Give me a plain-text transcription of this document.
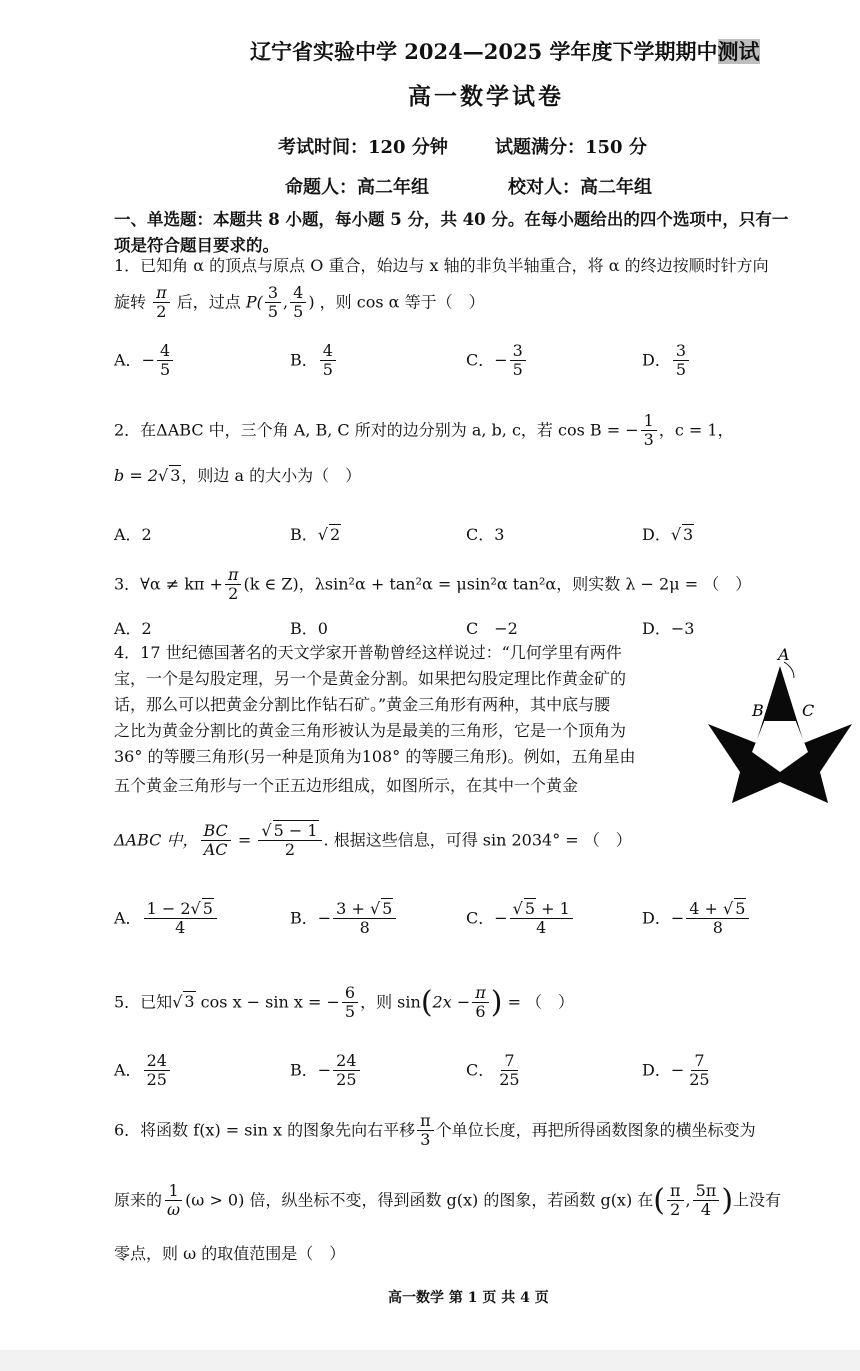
辽宁省实验中学 2024—2025 学年度下学期期中测试
高一数学试卷
考试时间：120 分钟	试题满分：150 分
命题人：高二年组	校对人：高二年组
一、单选题：本题共 8 小题，每小题 5 分，共 40 分。在每小题给出的四个选项中，只有一
项是符合题目要求的。
1．已知角 α 的顶点与原点 O 重合，始边与 x 轴的非负半轴重合，将 α 的终边按顺时针方向
旋转 $\frac{\pi}{2}$ 后，过点 $P( \frac{3}{5}$ , $\frac{4}{5}$ ) ，则 cos α 等于（　）
A．− $\frac{4}{5}$	B． $\frac{4}{5}$	C．− $\frac{3}{5}$	D． $\frac{3}{5}$
2．在ΔABC 中，三个角 A, B, C 所对的边分别为 a, b, c，若 cos B = − $\frac{1}{3}$ ，c = 1，
b = 2√ 3，则边 a 的大小为（　）
A．2	B．√ 2	C．3	D．√ 3
3．∀α ≠ $k\pi + \frac{\pi}{2} (k$ ∈ Z)，λsin²α + tan²α = μsin²α tan²α，则实数 λ − 2μ = （　）
A．2	B．0	C　−2	D．−3
4．17 世纪德国著名的天文学家开普勒曾经这样说过：“几何学里有两件
宝，一个是勾股定理，另一个是黄金分割。如果把勾股定理比作黄金矿的
话，那么可以把黄金分割比作钻石矿。”黄金三角形有两种，其中底与腰
之比为黄金分割比的黄金三角形被认为是最美的三角形，它是一个顶角为
36° 的等腰三角形(另一种是顶角为108° 的等腰三角形)。例如，五角星由
五个黄金三角形与一个正五边形组成，如图所示，在其中一个黄金
A
B C
ΔABC 中， $\frac{BC}{AC} = \frac{√ 5 - 1}{2}$ . 根据这些信息，可得 sin 2034° = （　）
A． $\frac{1 - 2√ 5}{4}$	B．− $\frac{3 + √ 5}{8}$	C．− $\frac{√ 5 + 1}{4}$	D．− $\frac{4 + √ 5}{8}$
5．已知√ 3 cos x − sin x = − $\frac{6}{5}$ ，则 $\sin(2x - \frac{\pi}{6}$ ) = （　）
A． $\frac{24}{25}$	B．− $\frac{24}{25}$	C． $\frac{7}{25}$	D．− $\frac{7}{25}$
6．将函数 f(x) = sin x 的图象先向右平移 $\frac{\pi}{3}$ 个单位长度，再把所得函数图象的横坐标变为
原来的 $\frac{1}{\omega} (\omega > 0)$ 倍，纵坐标不变，得到函数 g(x) 的图象，若函数 g(x) 在( $\frac{\pi}{2}$ , $\frac{5\pi}{4}$ )上没有
零点，则 ω 的取值范围是（　）
高一数学 第 1 页 共 4 页
